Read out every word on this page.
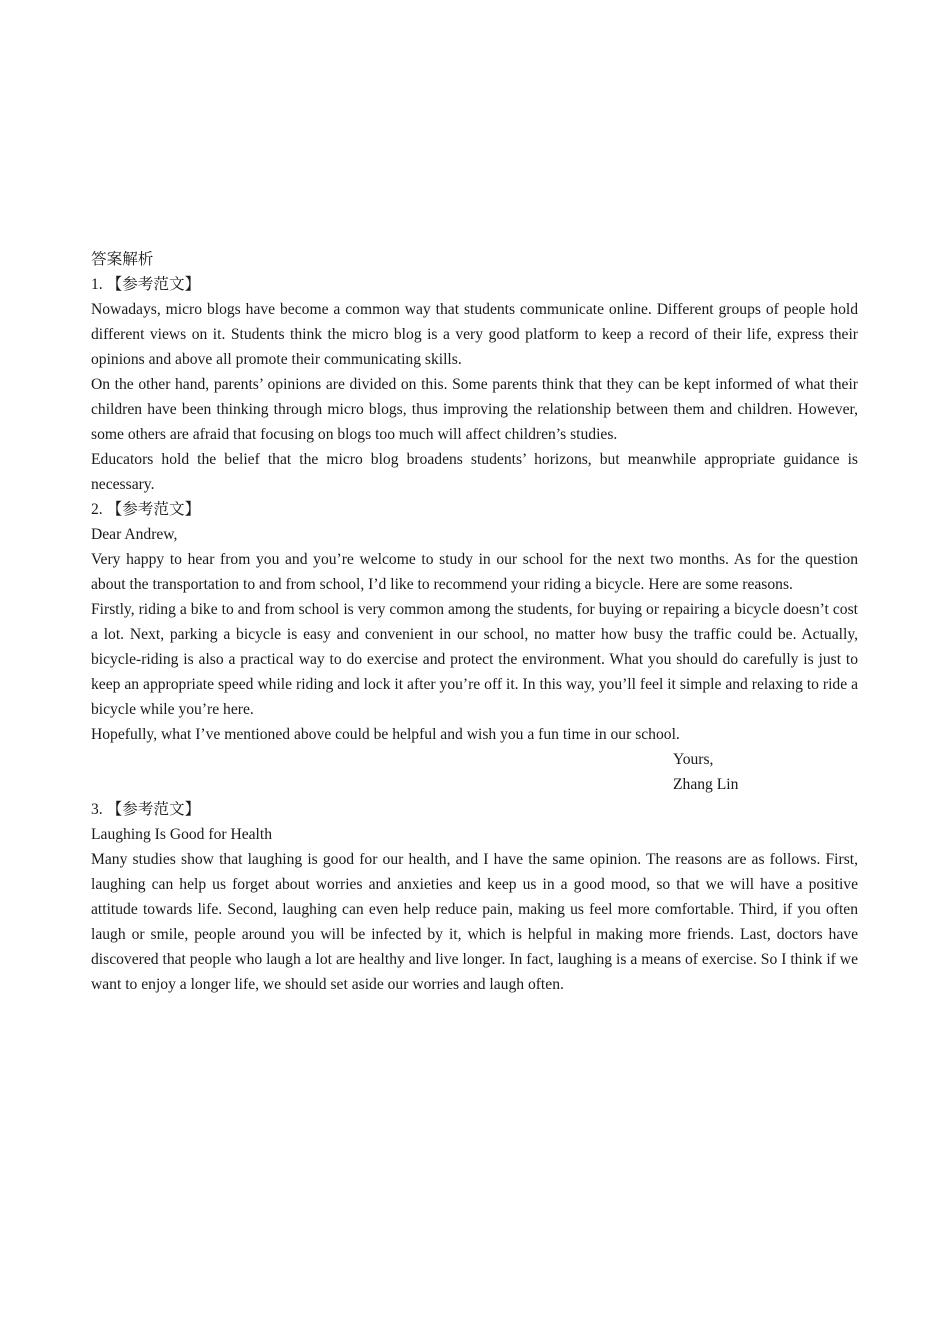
答案解析

1. 【参考范文】

Nowadays, micro blogs have become a common way that students communicate online. Different groups of people hold different views on it. Students think the micro blog is a very good platform to keep a record of their life, express their opinions and above all promote their communicating skills.

On the other hand, parents’ opinions are divided on this. Some parents think that they can be kept informed of what their children have been thinking through micro blogs, thus improving the relationship between them and children. However, some others are afraid that focusing on blogs too much will affect children’s studies.

Educators hold the belief that the micro blog broadens students’ horizons, but meanwhile appropriate guidance is necessary.

2. 【参考范文】

Dear Andrew,

Very happy to hear from you and you’re welcome to study in our school for the next two months. As for the question about the transportation to and from school, I’d like to recommend your riding a bicycle. Here are some reasons.

Firstly, riding a bike to and from school is very common among the students, for buying or repairing a bicycle doesn’t cost a lot. Next, parking a bicycle is easy and convenient in our school, no matter how busy the traffic could be. Actually, bicycle-riding is also a practical way to do exercise and protect the environment. What you should do carefully is just to keep an appropriate speed while riding and lock it after you’re off it. In this way, you’ll feel it simple and relaxing to ride a bicycle while you’re here.

Hopefully, what I’ve mentioned above could be helpful and wish you a fun time in our school.

Yours,

Zhang Lin

3. 【参考范文】

Laughing Is Good for Health

Many studies show that laughing is good for our health, and I have the same opinion. The reasons are as follows. First, laughing can help us forget about worries and anxieties and keep us in a good mood, so that we will have a positive attitude towards life. Second, laughing can even help reduce pain, making us feel more comfortable. Third, if you often laugh or smile, people around you will be infected by it, which is helpful in making more friends. Last, doctors have discovered that people who laugh a lot are healthy and live longer. In fact, laughing is a means of exercise. So I think if we want to enjoy a longer life, we should set aside our worries and laugh often.
